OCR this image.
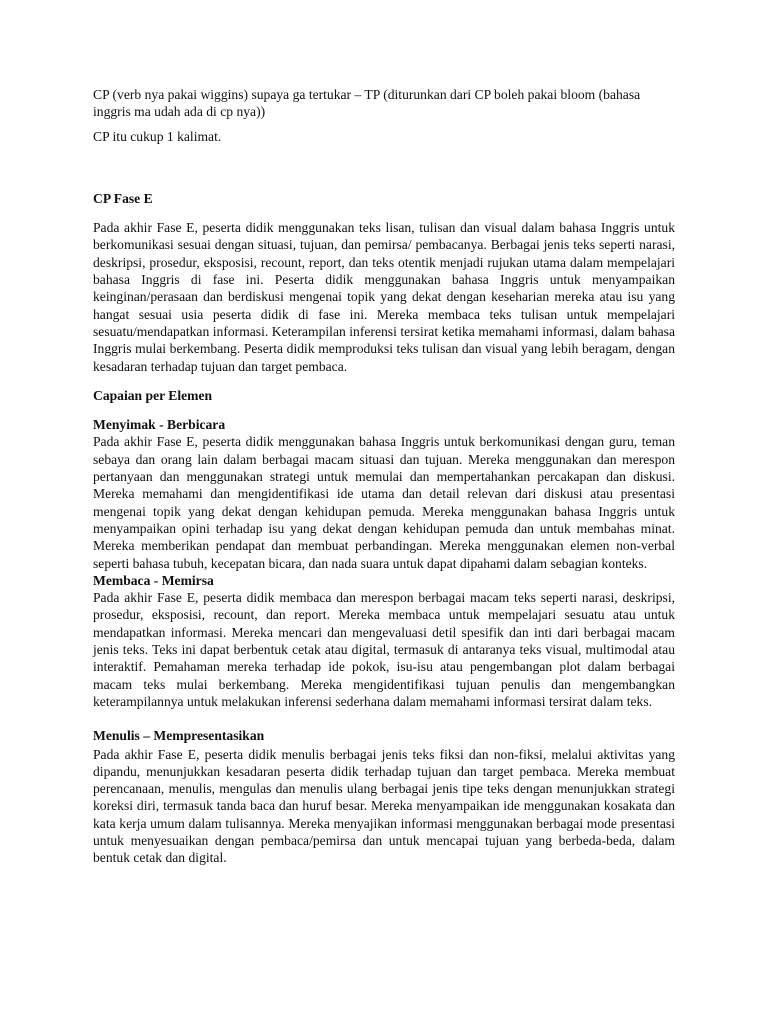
CP (verb nya pakai wiggins) supaya ga tertukar – TP (diturunkan dari CP boleh pakai bloom (bahasa inggris ma udah ada di cp nya))

CP itu cukup 1 kalimat.

CP Fase E

Pada akhir Fase E, peserta didik menggunakan teks lisan, tulisan dan visual dalam bahasa Inggris untuk berkomunikasi sesuai dengan situasi, tujuan, dan pemirsa/ pembacanya. Berbagai jenis teks seperti narasi, deskripsi, prosedur, eksposisi, recount, report, dan teks otentik menjadi rujukan utama dalam mempelajari bahasa Inggris di fase ini. Peserta didik menggunakan bahasa Inggris untuk menyampaikan keinginan/perasaan dan berdiskusi mengenai topik yang dekat dengan keseharian mereka atau isu yang hangat sesuai usia peserta didik di fase ini. Mereka membaca teks tulisan untuk mempelajari sesuatu/mendapatkan informasi. Keterampilan inferensi tersirat ketika memahami informasi, dalam bahasa Inggris mulai berkembang. Peserta didik memproduksi teks tulisan dan visual yang lebih beragam, dengan kesadaran terhadap tujuan dan target pembaca.

Capaian per Elemen

Menyimak - Berbicara

Pada akhir Fase E, peserta didik menggunakan bahasa Inggris untuk berkomunikasi dengan guru, teman sebaya dan orang lain dalam berbagai macam situasi dan tujuan. Mereka menggunakan dan merespon pertanyaan dan menggunakan strategi untuk memulai dan mempertahankan percakapan dan diskusi. Mereka memahami dan mengidentifikasi ide utama dan detail relevan dari diskusi atau presentasi mengenai topik yang dekat dengan kehidupan pemuda. Mereka menggunakan bahasa Inggris untuk menyampaikan opini terhadap isu yang dekat dengan kehidupan pemuda dan untuk membahas minat. Mereka memberikan pendapat dan membuat perbandingan. Mereka menggunakan elemen non-verbal seperti bahasa tubuh, kecepatan bicara, dan nada suara untuk dapat dipahami dalam sebagian konteks.

Membaca - Memirsa

Pada akhir Fase E, peserta didik membaca dan merespon berbagai macam teks seperti narasi, deskripsi, prosedur, eksposisi, recount, dan report. Mereka membaca untuk mempelajari sesuatu atau untuk mendapatkan informasi. Mereka mencari dan mengevaluasi detil spesifik dan inti dari berbagai macam jenis teks. Teks ini dapat berbentuk cetak atau digital, termasuk di antaranya teks visual, multimodal atau interaktif. Pemahaman mereka terhadap ide pokok, isu-isu atau pengembangan plot dalam berbagai macam teks mulai berkembang. Mereka mengidentifikasi tujuan penulis dan mengembangkan keterampilannya untuk melakukan inferensi sederhana dalam memahami informasi tersirat dalam teks.

Menulis – Mempresentasikan

Pada akhir Fase E, peserta didik menulis berbagai jenis teks fiksi dan non-fiksi, melalui aktivitas yang dipandu, menunjukkan kesadaran peserta didik terhadap tujuan dan target pembaca. Mereka membuat perencanaan, menulis, mengulas dan menulis ulang berbagai jenis tipe teks dengan menunjukkan strategi koreksi diri, termasuk tanda baca dan huruf besar. Mereka menyampaikan ide menggunakan kosakata dan kata kerja umum dalam tulisannya. Mereka menyajikan informasi menggunakan berbagai mode presentasi untuk menyesuaikan dengan pembaca/pemirsa dan untuk mencapai tujuan yang berbeda-beda, dalam bentuk cetak dan digital.
